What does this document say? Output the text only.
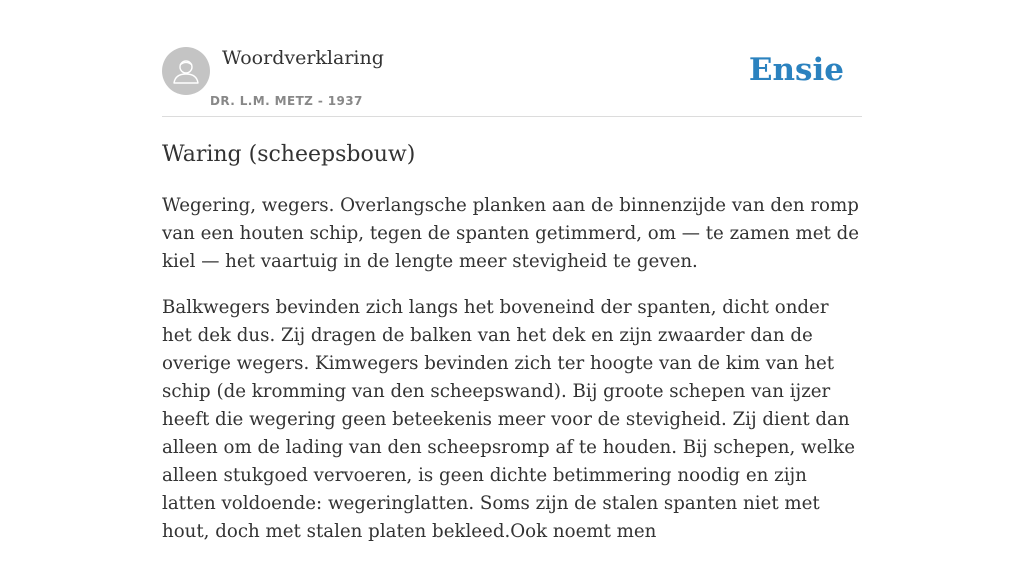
Woordverklaring
DR. L.M. METZ - 1937
Ensie
Waring (scheepsbouw)

Wegering, wegers. Overlangsche planken aan de binnenzijde van den romp van een houten schip, tegen de spanten getimmerd, om — te zamen met de kiel — het vaartuig in de lengte meer stevigheid te geven.

Balkwegers bevinden zich langs het boveneind der spanten, dicht onder het dek dus. Zij dragen de balken van het dek en zijn zwaarder dan de overige wegers. Kimwegers bevinden zich ter hoogte van de kim van het schip (de kromming van den scheepswand). Bij groote schepen van ijzer heeft die wegering geen beteekenis meer voor de stevigheid. Zij dient dan alleen om de lading van den scheepsromp af te houden. Bij schepen, welke alleen stukgoed vervoeren, is geen dichte betimmering noodig en zijn latten voldoende: wegeringlatten. Soms zijn de stalen spanten niet met hout, doch met stalen platen bekleed.Ook noemt men
